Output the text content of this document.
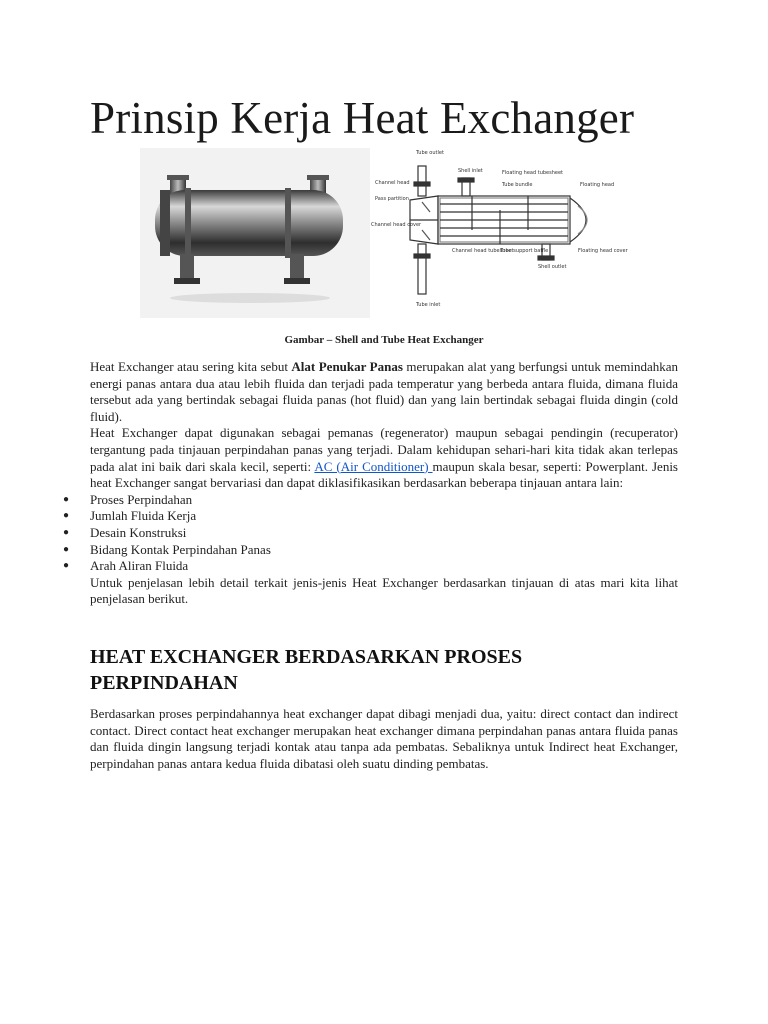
Prinsip Kerja Heat Exchanger
Tube outlet
Channel head
Pass partition
Channel head cover
Shell inlet	Floating head tubesheet
Tube bundle	Floating head
Channel head tubesheet
Tube support baffle
Shell outlet
Floating head cover
Tube inlet
Gambar – Shell and Tube Heat Exchanger

Heat Exchanger atau sering kita sebut Alat Penukar Panas merupakan alat yang berfungsi untuk memindahkan energi panas antara dua atau lebih fluida dan terjadi pada temperatur yang berbeda antara fluida, dimana fluida tersebut ada yang bertindak sebagai fluida panas (hot fluid) dan yang lain bertindak sebagai fluida dingin (cold fluid).

Heat Exchanger dapat digunakan sebagai pemanas (regenerator) maupun sebagai pendingin (recuperator) tergantung pada tinjauan perpindahan panas yang terjadi. Dalam kehidupan sehari-hari kita tidak akan terlepas pada alat ini baik dari skala kecil, seperti: AC (Air Conditioner) maupun skala besar, seperti: Powerplant. Jenis heat Exchanger sangat bervariasi dan dapat diklasifikasikan berdasarkan beberapa tinjauan antara lain:

● Proses Perpindahan
● Jumlah Fluida Kerja
● Desain Konstruksi
● Bidang Kontak Perpindahan Panas
● Arah Aliran Fluida

Untuk penjelasan lebih detail terkait jenis-jenis Heat Exchanger berdasarkan tinjauan di atas mari kita lihat penjelasan berikut.

HEAT EXCHANGER BERDASARKAN PROSES PERPINDAHAN

Berdasarkan proses perpindahannya heat exchanger dapat dibagi menjadi dua, yaitu: direct contact dan indirect contact. Direct contact heat exchanger merupakan heat exchanger dimana perpindahan panas antara fluida panas dan fluida dingin langsung terjadi kontak atau tanpa ada pembatas. Sebaliknya untuk Indirect heat Exchanger, perpindahan panas antara kedua fluida dibatasi oleh suatu dinding pembatas.
